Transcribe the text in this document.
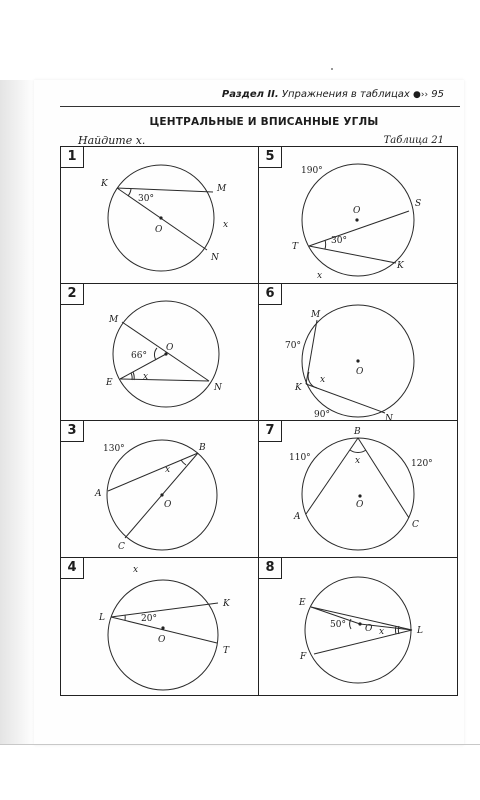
Раздел II. Упражнения в таблицах ●›› 95
ЦЕНТРАЛЬНЫЕ И ВПИСАННЫЕ УГЛЫ
Найдите x.	Таблица 21
1
K	M
O
N
x
30°
5
190°
O
S
T
K
x
30°
2
M
O
E	N
x
66°
6
M
K
O
N
x
70°
90°
3
130°	B
A
O
C
x
7	B
A
O
C
x
110°
120°
4	x
L
K
O
T
20°
8
E
O	L
F
x
50°
